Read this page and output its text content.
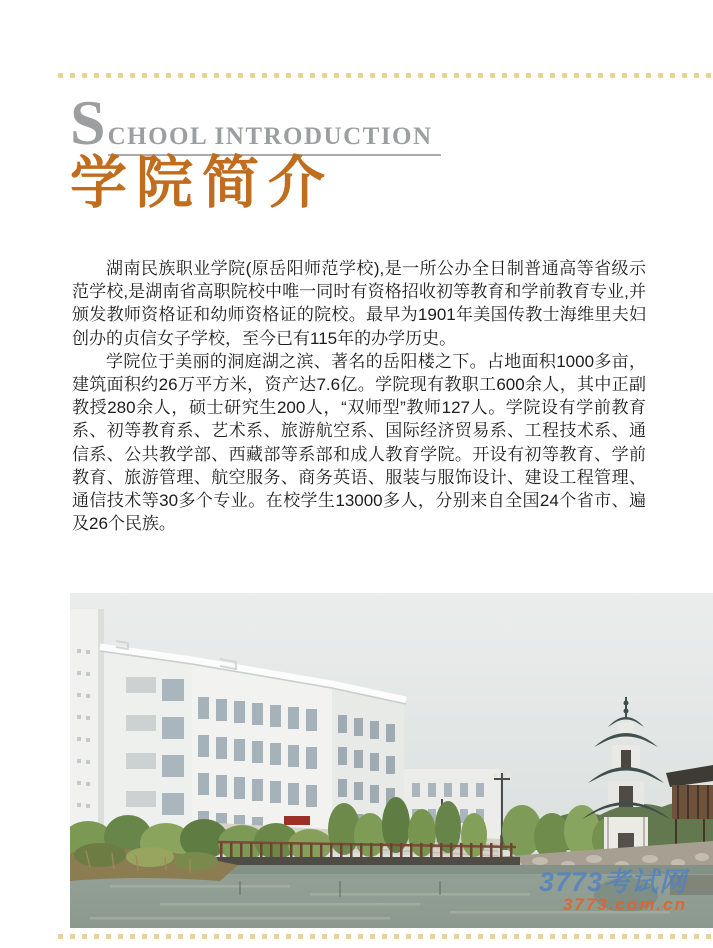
SCHOOL INTRODUCTION
学院简介

湖南民族职业学院(原岳阳师范学校),是一所公办全日制普通高等省级示范学校,是湖南省高职院校中唯一同时有资格招收初等教育和学前教育专业,并颁发教师资格证和幼师资格证的院校。最早为1901年美国传教士海维里夫妇创办的贞信女子学校，至今已有115年的办学历史。

学院位于美丽的洞庭湖之滨、著名的岳阳楼之下。占地面积1000多亩，建筑面积约26万平方米，资产达7.6亿。学院现有教职工600余人，其中正副教授280余人，硕士研究生200人，“双师型”教师127人。学院设有学前教育系、初等教育系、艺术系、旅游航空系、国际经济贸易系、工程技术系、通信系、公共教学部、西藏部等系部和成人教育学院。开设有初等教育、学前教育、旅游管理、航空服务、商务英语、服装与服饰设计、建设工程管理、通信技术等30多个专业。在校学生13000多人，分别来自全国24个省市、遍及26个民族。

3773考试网
3773.com.cn
